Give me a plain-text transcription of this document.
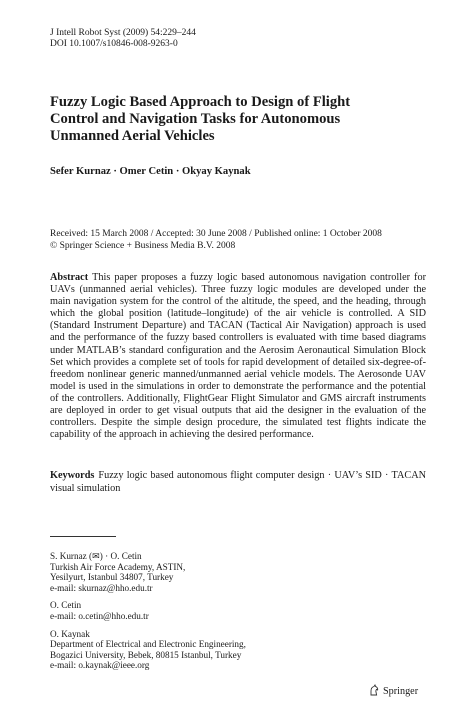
J Intell Robot Syst (2009) 54:229–244
DOI 10.1007/s10846-008-9263-0
Fuzzy Logic Based Approach to Design of Flight
Control and Navigation Tasks for Autonomous
Unmanned Aerial Vehicles
Sefer Kurnaz · Omer Cetin · Okyay Kaynak
Received: 15 March 2008 / Accepted: 30 June 2008 / Published online: 1 October 2008
© Springer Science + Business Media B.V. 2008
Abstract This paper proposes a fuzzy logic based autonomous navigation controller for UAVs (unmanned aerial vehicles). Three fuzzy logic modules are developed under the main navigation system for the control of the altitude, the speed, and the heading, through which the global position (latitude–longitude) of the air vehicle is controlled. A SID (Standard Instrument Departure) and TACAN (Tactical Air Navigation) approach is used and the performance of the fuzzy based controllers is evaluated with time based diagrams under MATLAB’s standard configuration and the Aerosim Aeronautical Simulation Block Set which provides a complete set of tools for rapid development of detailed six-degree-of-freedom nonlinear generic manned/unmanned aerial vehicle models. The Aerosonde UAV model is used in the simulations in order to demonstrate the performance and the potential of the controllers. Additionally, FlightGear Flight Simulator and GMS aircraft instruments are deployed in order to get visual outputs that aid the designer in the evaluation of the controllers. Despite the simple design procedure, the simulated test flights indicate the capability of the approach in achieving the desired performance.
Keywords Fuzzy logic based autonomous flight computer design · UAV’s SID · TACAN visual simulation

S. Kurnaz (✉) · O. Cetin
Turkish Air Force Academy, ASTIN,
Yesilyurt, Istanbul 34807, Turkey
e-mail: skurnaz@hho.edu.tr

O. Cetin
e-mail: o.cetin@hho.edu.tr

O. Kaynak
Department of Electrical and Electronic Engineering,
Bogazici University, Bebek, 80815 Istanbul, Turkey
e-mail: o.kaynak@ieee.org

Springer
